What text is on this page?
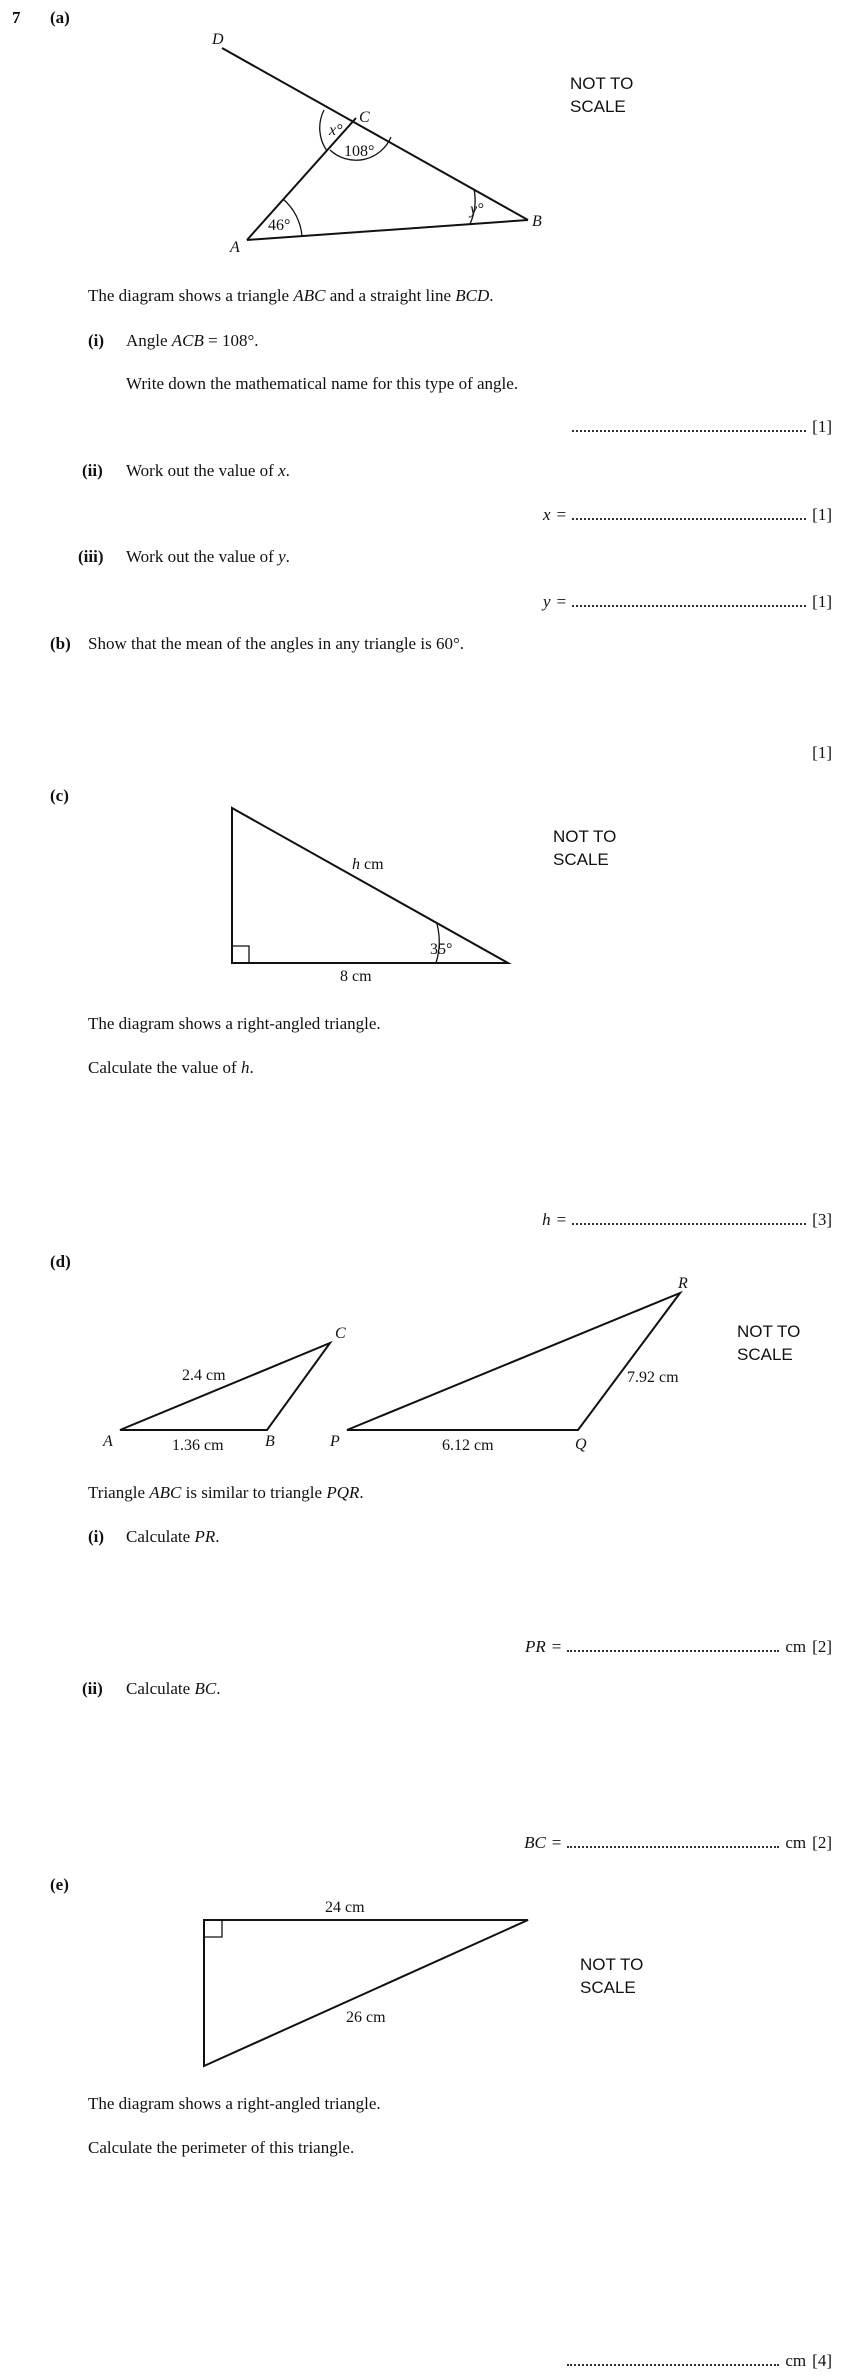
7 (a)
D
C
A
B
x°
108°
46°
y°
NOT TO
SCALE
The diagram shows a triangle ABC and a straight line BCD.
(i) Angle ACB = 108°.
Write down the mathematical name for this type of angle.
[1]
(ii) Work out the value of x.
x =	[1]
(iii) Work out the value of y.
y =	[1]
(b) Show that the mean of the angles in any triangle is 60°.
[1]
(c)
h cm
8 cm
35°
NOT TO
SCALE
The diagram shows a right-angled triangle.
Calculate the value of h.
h =	[3]
(d)
A	B
C
2.4 cm
1.36 cm	P	Q
R
7.92 cm
6.12 cm
NOT TO
SCALE
Triangle ABC is similar to triangle PQR.
(i) Calculate PR.
PR =	cm [2]
(ii) Calculate BC.
BC =	cm [2]
(e)
24 cm
26 cm
NOT TO
SCALE
The diagram shows a right-angled triangle.
Calculate the perimeter of this triangle.
cm [4]
